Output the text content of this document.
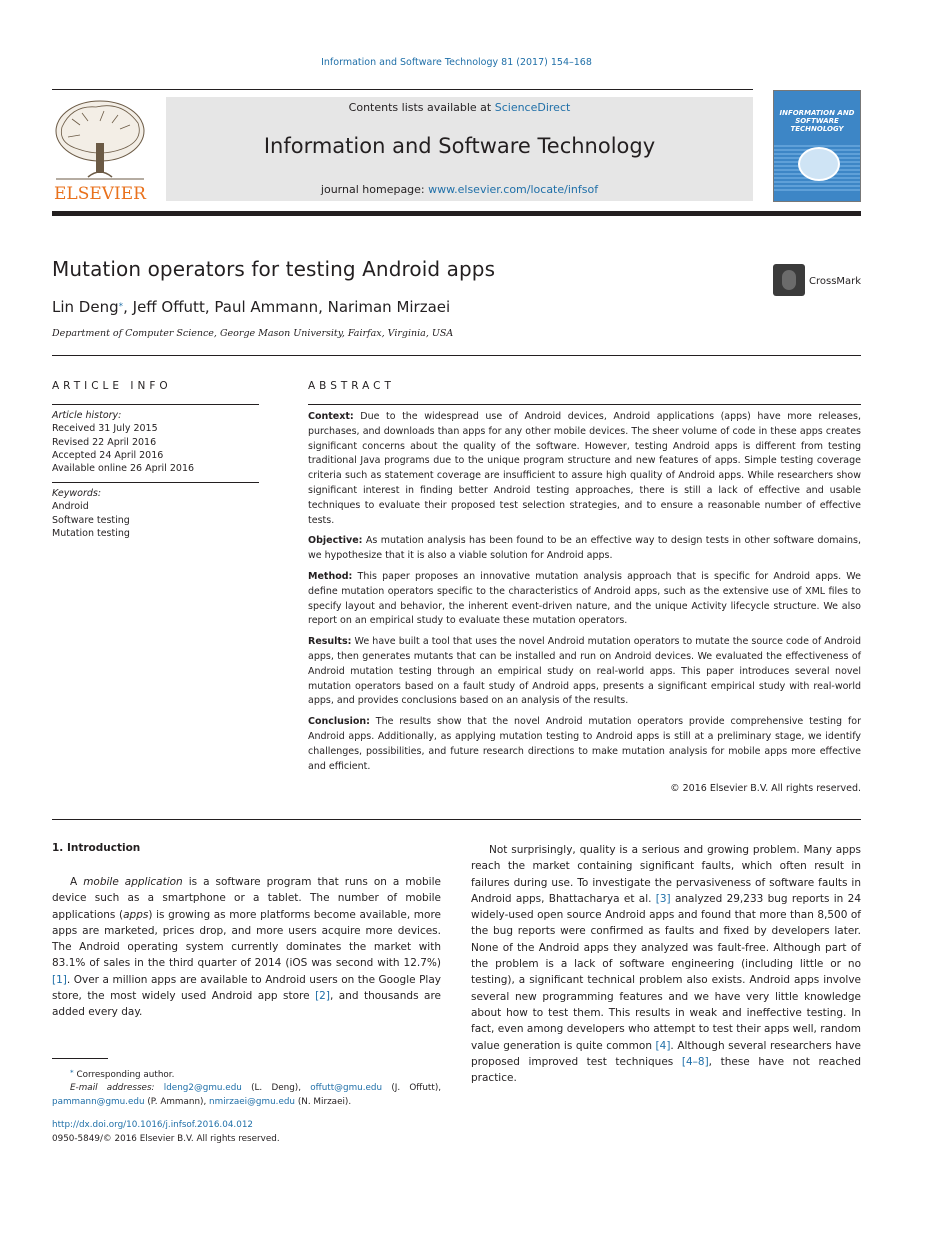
Information and Software Technology 81 (2017) 154–168
ELSEVIER
Contents lists available at ScienceDirect
Information and Software Technology
journal homepage: www.elsevier.com/locate/infsof
INFORMATION AND SOFTWARE TECHNOLOGY
Mutation operators for testing Android apps
CrossMark
Lin Deng⁎, Jeff Offutt, Paul Ammann, Nariman Mirzaei
Department of Computer Science, George Mason University, Fairfax, Virginia, USA
ARTICLE INFO	ABSTRACT
Article history:
Received 31 July 2015
Revised 22 April 2016
Accepted 24 April 2016
Available online 26 April 2016
Keywords:
Android
Software testing
Mutation testing

Context: Due to the widespread use of Android devices, Android applications (apps) have more releases, purchases, and downloads than apps for any other mobile devices. The sheer volume of code in these apps creates significant concerns about the quality of the software. However, testing Android apps is different from testing traditional Java programs due to the unique program structure and new features of apps. Simple testing coverage criteria such as statement coverage are insufficient to assure high quality of Android apps. While researchers show significant interest in finding better Android testing approaches, there is still a lack of effective and usable techniques to evaluate their proposed test selection strategies, and to ensure a reasonable number of effective tests.

Objective: As mutation analysis has been found to be an effective way to design tests in other software domains, we hypothesize that it is also a viable solution for Android apps.

Method: This paper proposes an innovative mutation analysis approach that is specific for Android apps. We define mutation operators specific to the characteristics of Android apps, such as the extensive use of XML files to specify layout and behavior, the inherent event-driven nature, and the unique Activity lifecycle structure. We also report on an empirical study to evaluate these mutation operators.

Results: We have built a tool that uses the novel Android mutation operators to mutate the source code of Android apps, then generates mutants that can be installed and run on Android devices. We evaluated the effectiveness of Android mutation testing through an empirical study on real-world apps. This paper introduces several novel mutation operators based on a fault study of Android apps, presents a significant empirical study with real-world apps, and provides conclusions based on an analysis of the results.

Conclusion: The results show that the novel Android mutation operators provide comprehensive testing for Android apps. Additionally, as applying mutation testing to Android apps is still at a preliminary stage, we identify challenges, possibilities, and future research directions to make mutation analysis for mobile apps more effective and efficient.

© 2016 Elsevier B.V. All rights reserved.
1. Introduction

A mobile application is a software program that runs on a mobile device such as a smartphone or a tablet. The number of mobile applications (apps) is growing as more platforms become available, more apps are marketed, prices drop, and more users acquire more devices. The Android operating system currently dominates the market with 83.1% of sales in the third quarter of 2014 (iOS was second with 12.7%) [1]. Over a million apps are available to Android users on the Google Play store, the most widely used Android app store [2], and thousands are added every day.

Not surprisingly, quality is a serious and growing problem. Many apps reach the market containing significant faults, which often result in failures during use. To investigate the pervasiveness of software faults in Android apps, Bhattacharya et al. [3] analyzed 29,233 bug reports in 24 widely-used open source Android apps and found that more than 8,500 of the bug reports were confirmed as faults and fixed by developers later. None of the Android apps they analyzed was fault-free. Although part of the problem is a lack of software engineering (including little or no testing), a significant technical problem also exists. Android apps involve several new programming features and we have very little knowledge about how to test them. This results in weak and ineffective testing. In fact, even among developers who attempt to test their apps well, random value generation is quite common [4]. Although several researchers have proposed improved test techniques [4–8], these have not reached practice.

⁎ Corresponding author.
E-mail addresses: ldeng2@gmu.edu (L. Deng), offutt@gmu.edu (J. Offutt), pammann@gmu.edu (P. Ammann), nmirzaei@gmu.edu (N. Mirzaei).
http://dx.doi.org/10.1016/j.infsof.2016.04.012
0950-5849/© 2016 Elsevier B.V. All rights reserved.
